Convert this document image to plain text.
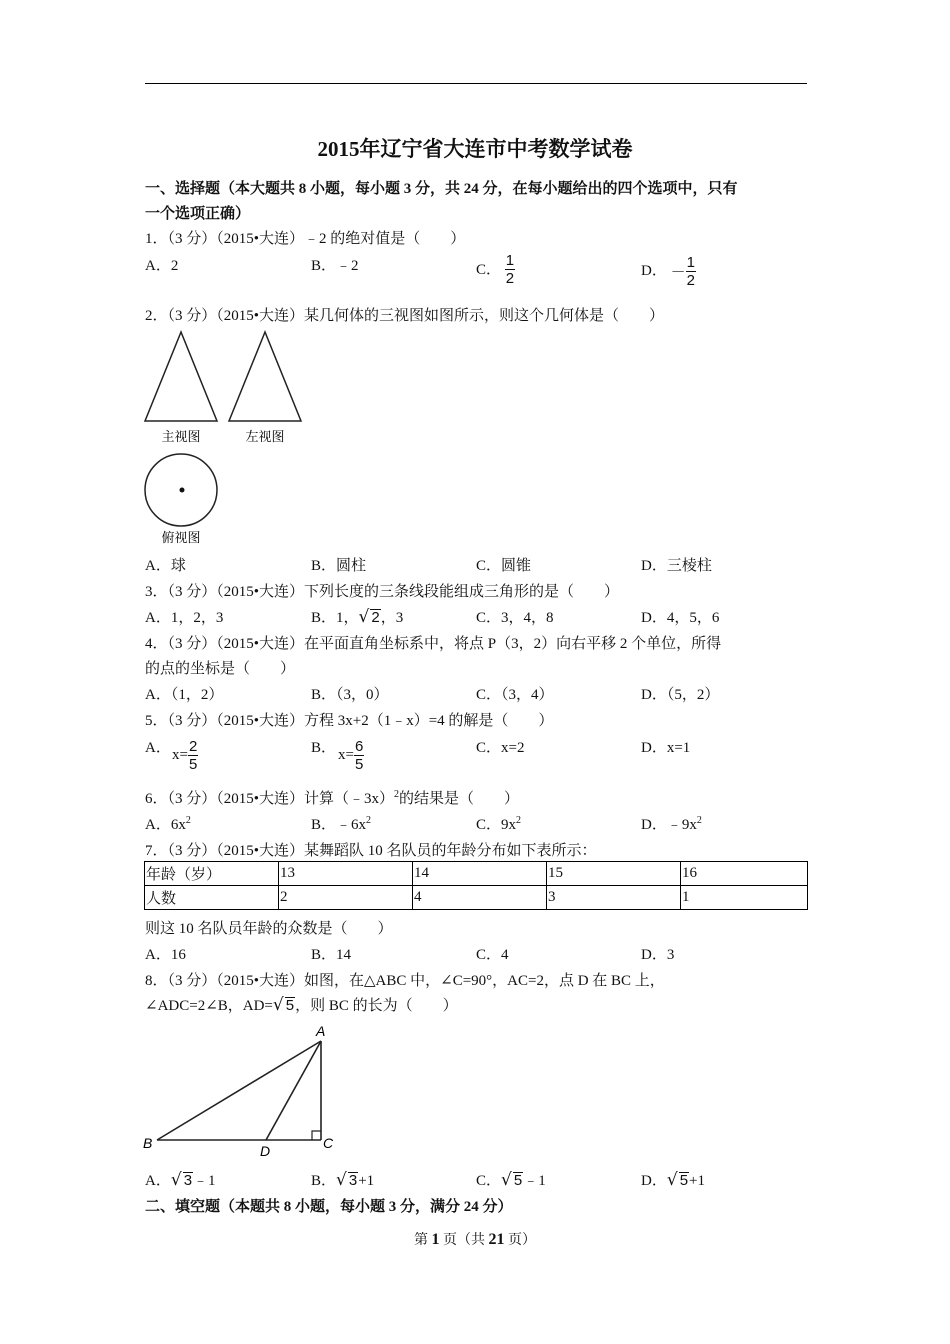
2015年辽宁省大连市中考数学试卷
一、选择题（本大题共 8 小题，每小题 3 分，共 24 分，在每小题给出的四个选项中，只有
一个选项正确）
1．（3 分）（2015•大连）﹣2 的绝对值是（　　）
A．2	B．﹣2	C． $\frac{1}{2}$	D． － $\frac{1}{2}$
2．（3 分）（2015•大连）某几何体的三视图如图所示，则这个几何体是（　　）
主视图	左视图
俯视图
A．球	B．圆柱	C．圆锥	D．三棱柱
3．（3 分）（2015•大连）下列长度的三条线段能组成三角形的是（　　）
A．1，2，3	B．1，√ 2，3	C．3，4，8	D．4，5，6
4．（3 分）（2015•大连）在平面直角坐标系中，将点 P（3，2）向右平移 2 个单位，所得
的点的坐标是（　　）
A．（1，2）	B．（3，0）	C．（3，4）	D．（5，2）
5．（3 分）（2015•大连）方程 3x+2（1﹣x）=4 的解是（　　）
A． $x= \frac{2}{5}$	B． $x= \frac{6}{5}$	C．x=2	D．x=1
6．（3 分）（2015•大连）计算（﹣3x）$^2$的结果是（　　）
A．$6x^2$	B．$﹣6x^2$	C．$9x^2$	D．$﹣9x^2$
7．（3 分）（2015•大连）某舞蹈队 10 名队员的年龄分布如下表所示：
年龄（岁）	13	14	15	16
人数	2	4	3	1
则这 10 名队员年龄的众数是（　　）
A．16	B．14	C．4	D．3
8．（3 分）（2015•大连）如图，在△ABC 中，∠C=90°，AC=2，点 D 在 BC 上，
∠ADC=2∠B，AD=√ 5，则 BC 的长为（　　）
A
B	C
D
A．√ 3﹣1	B．√ 3+1	C．√ 5﹣1	D．√ 5+1
二、填空题（本题共 8 小题，每小题 3 分，满分 24 分）
第 1 页（共 21 页）
